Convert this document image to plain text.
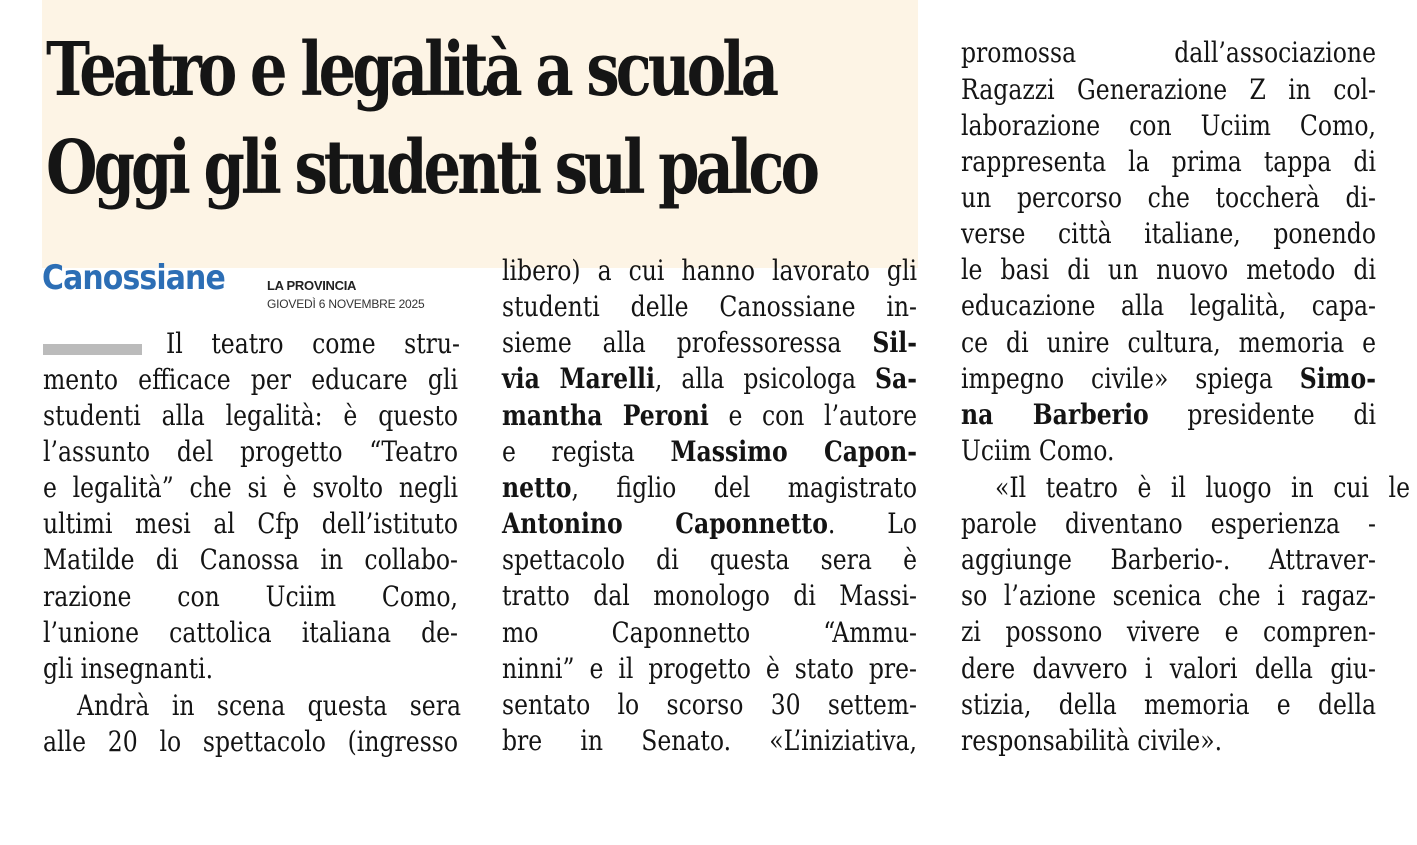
Teatro e legalità a scuola
Oggi gli studenti sul palco
Canossiane	LA PROVINCIA
GIOVEDÌ 6 NOVEMBRE 2025
Il teatro come stru-
mento efficace per educare gli
studenti alla legalità: è questo
l’assunto del progetto “Teatro
e legalità” che si è svolto negli
ultimi mesi al Cfp dell’istituto
Matilde di Canossa in collabo-
razione con Uciim Como,
l’unione cattolica italiana de-
gli insegnanti.
Andrà in scena questa sera
alle 20 lo spettacolo (ingresso
libero) a cui hanno lavorato gli
studenti delle Canossiane in-
sieme alla professoressa Sil-
via Marelli, alla psicologa Sa-
mantha Peroni e con l’autore
e regista Massimo Capon-
netto, figlio del magistrato
Antonino Caponnetto. Lo
spettacolo di questa sera è
tratto dal monologo di Massi-
mo Caponnetto “Ammu-
ninni” e il progetto è stato pre-
sentato lo scorso 30 settem-
bre in Senato. «L’iniziativa,
promossa dall’associazione
Ragazzi Generazione Z in col-
laborazione con Uciim Como,
rappresenta la prima tappa di
un percorso che toccherà di-
verse città italiane, ponendo
le basi di un nuovo metodo di
educazione alla legalità, capa-
ce di unire cultura, memoria e
impegno civile» spiega Simo-
na Barberio presidente di
Uciim Como.
«Il teatro è il luogo in cui le
parole diventano esperienza -
aggiunge Barberio-. Attraver-
so l’azione scenica che i ragaz-
zi possono vivere e compren-
dere davvero i valori della giu-
stizia, della memoria e della
responsabilità civile».
